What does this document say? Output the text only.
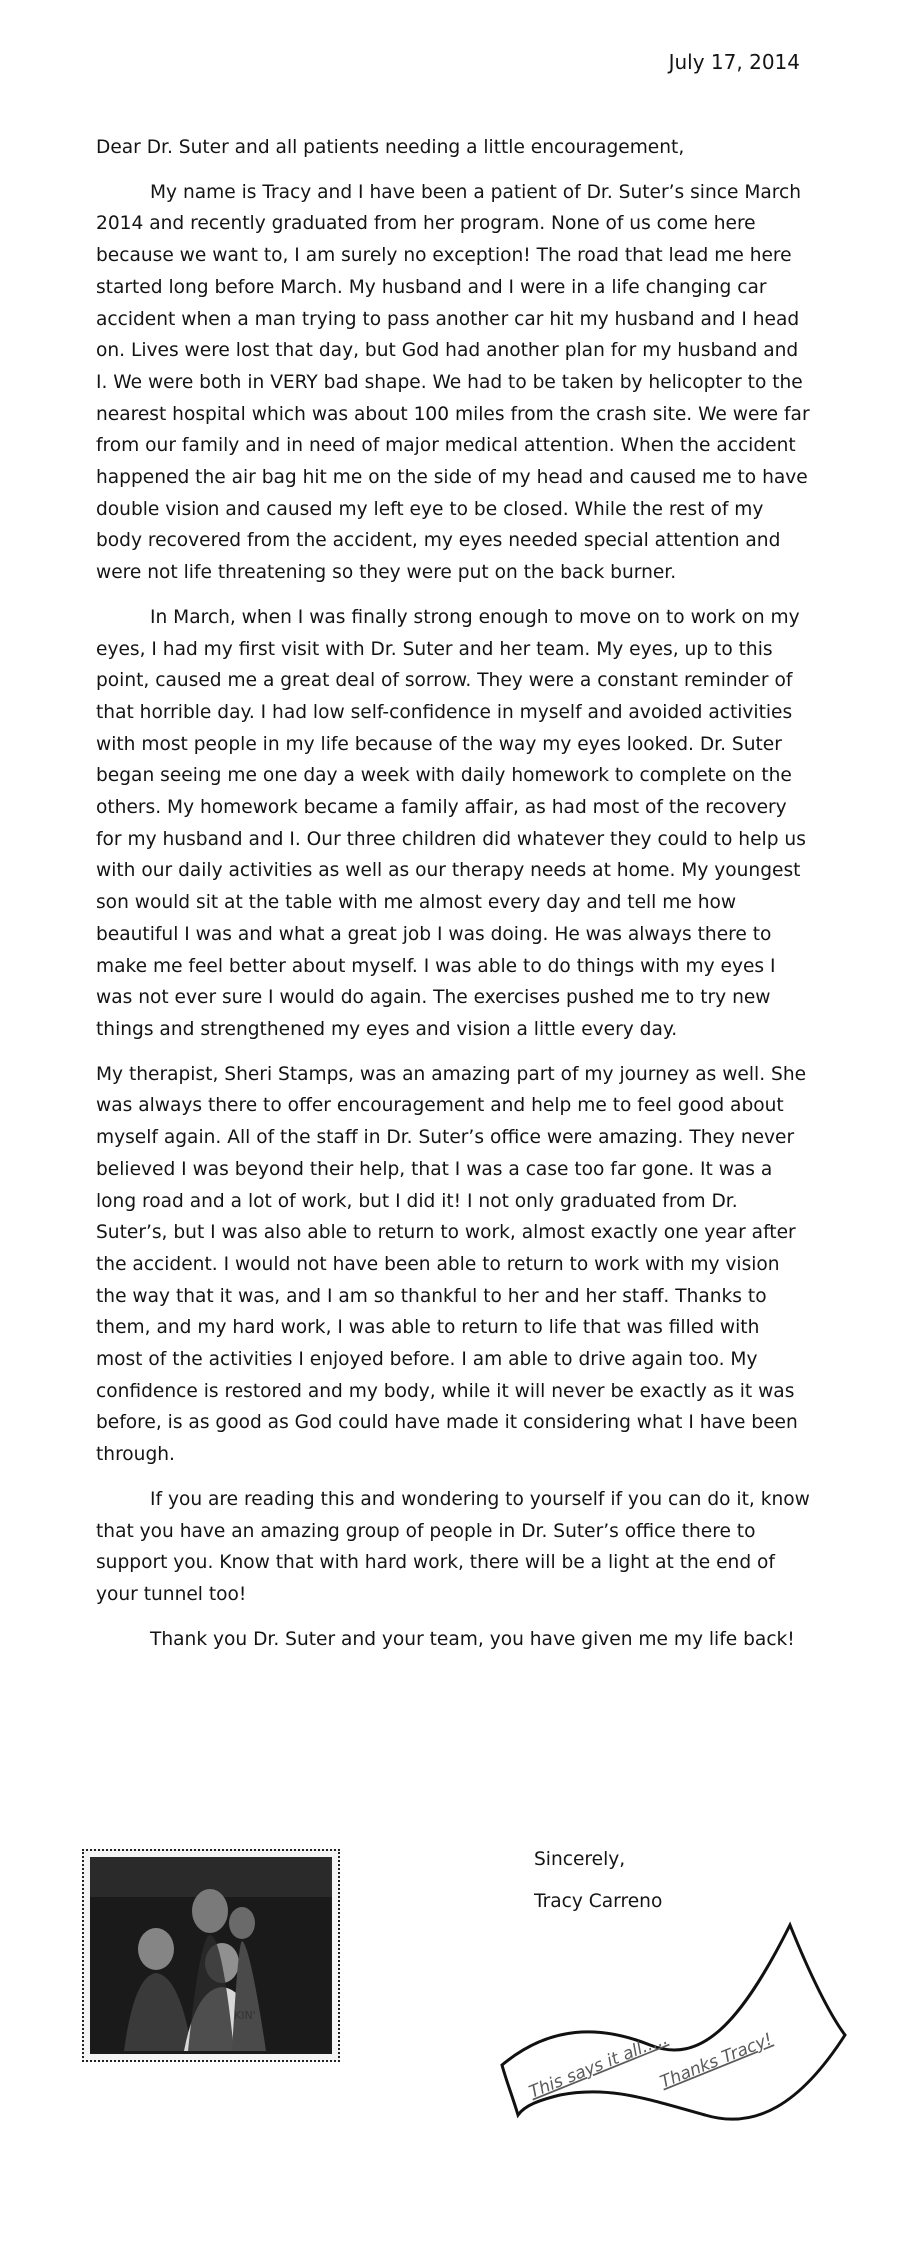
July 17, 2014

Dear Dr. Suter and all patients needing a little encouragement,

My name is Tracy and I have been a patient of Dr. Suter’s since March 2014 and recently graduated from her program. None of us come here because we want to, I am surely no exception! The road that lead me here started long before March. My husband and I were in a life changing car accident when a man trying to pass another car hit my husband and I head on. Lives were lost that day, but God had another plan for my husband and I. We were both in VERY bad shape. We had to be taken by helicopter to the nearest hospital which was about 100 miles from the crash site. We were far from our family and in need of major medical attention. When the accident happened the air bag hit me on the side of my head and caused me to have double vision and caused my left eye to be closed. While the rest of my body recovered from the accident, my eyes needed special attention and were not life threatening so they were put on the back burner.

In March, when I was finally strong enough to move on to work on my eyes, I had my first visit with Dr. Suter and her team. My eyes, up to this point, caused me a great deal of sorrow. They were a constant reminder of that horrible day. I had low self-confidence in myself and avoided activities with most people in my life because of the way my eyes looked. Dr. Suter began seeing me one day a week with daily homework to complete on the others. My homework became a family affair, as had most of the recovery for my husband and I. Our three children did whatever they could to help us with our daily activities as well as our therapy needs at home. My youngest son would sit at the table with me almost every day and tell me how beautiful I was and what a great job I was doing. He was always there to make me feel better about myself. I was able to do things with my eyes I was not ever sure I would do again. The exercises pushed me to try new things and strengthened my eyes and vision a little every day.

My therapist, Sheri Stamps, was an amazing part of my journey as well. She was always there to offer encouragement and help me to feel good about myself again. All of the staff in Dr. Suter’s office were amazing. They never believed I was beyond their help, that I was a case too far gone. It was a long road and a lot of work, but I did it! I not only graduated from Dr. Suter’s, but I was also able to return to work, almost exactly one year after the accident. I would not have been able to return to work with my vision the way that it was, and I am so thankful to her and her staff. Thanks to them, and my hard work, I was able to return to life that was filled with most of the activities I enjoyed before. I am able to drive again too. My confidence is restored and my body, while it will never be exactly as it was before, is as good as God could have made it considering what I have been through.

If you are reading this and wondering to yourself if you can do it, know that you have an amazing group of people in Dr. Suter’s office there to support you. Know that with hard work, there will be a light at the end of your tunnel too!

Thank you Dr. Suter and your team, you have given me my life back!

KIN'
Sincerely,
Tracy Carreno
This says it all.....
Thanks Tracy!
